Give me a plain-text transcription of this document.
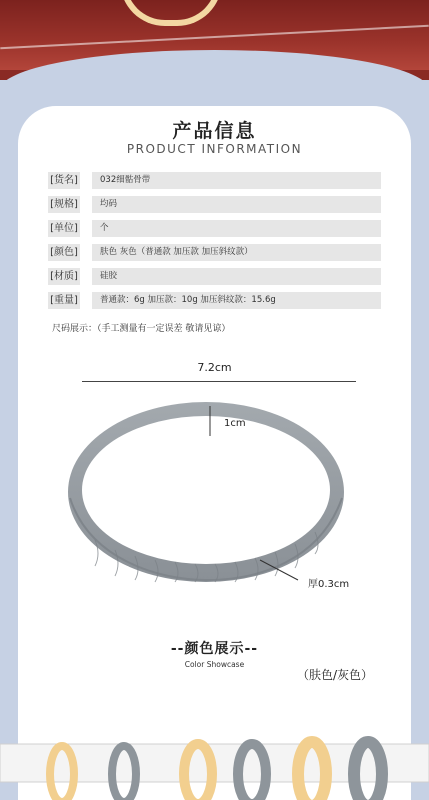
产品信息
PRODUCT INFORMATION
[货名]	032细骷骨带
[规格]	均码
[单位]	个
[颜色]	肤色 灰色（普通款 加压款 加压斜纹款）
[材质]	硅胶
[重量]	普通款：6g 加压款：10g 加压斜纹款：15.6g
尺码展示：（手工测量有一定误差 敬请见谅）
7.2cm
1cm
厚0.3cm
--颜色展示--
Color Showcase
（肤色/灰色）
